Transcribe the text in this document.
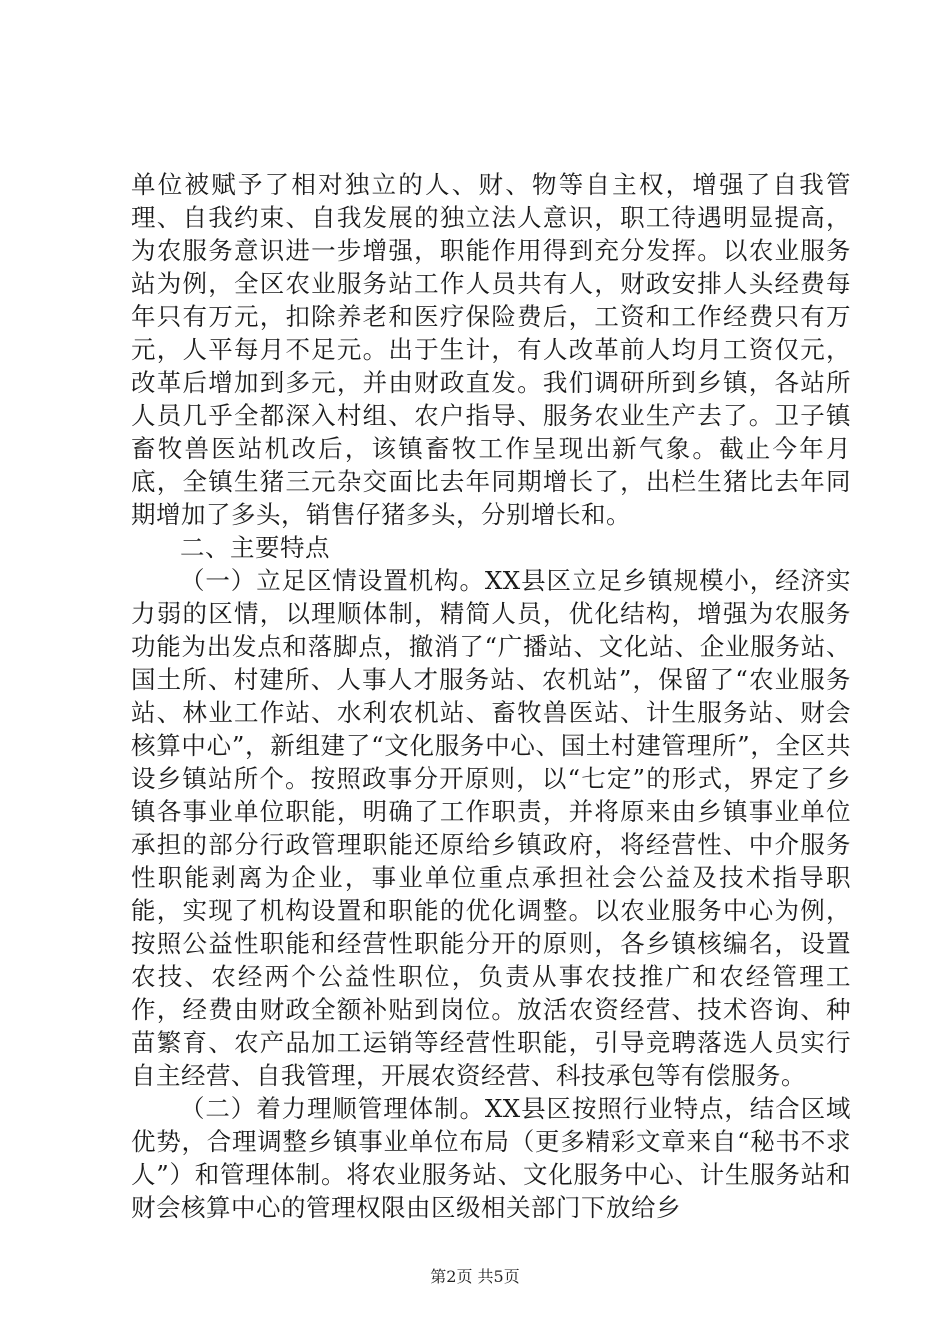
单位被赋予了相对独立的人、财、物等自主权，增强了自我管理、自我约束、自我发展的独立法人意识，职工待遇明显提高，为农服务意识进一步增强，职能作用得到充分发挥。以农业服务站为例，全区农业服务站工作人员共有人，财政安排人头经费每年只有万元，扣除养老和医疗保险费后，工资和工作经费只有万元，人平每月不足元。出于生计，有人改革前人均月工资仅元，改革后增加到多元，并由财政直发。我们调研所到乡镇，各站所人员几乎全都深入村组、农户指导、服务农业生产去了。卫子镇畜牧兽医站机改后，该镇畜牧工作呈现出新气象。截止今年月底，全镇生猪三元杂交面比去年同期增长了，出栏生猪比去年同期增加了多头，销售仔猪多头，分别增长和。

二、主要特点

（一）立足区情设置机构。XX县区立足乡镇规模小，经济实力弱的区情，以理顺体制，精简人员，优化结构，增强为农服务功能为出发点和落脚点，撤消了“广播站、文化站、企业服务站、国土所、村建所、人事人才服务站、农机站”，保留了“农业服务站、林业工作站、水利农机站、畜牧兽医站、计生服务站、财会核算中心”，新组建了“文化服务中心、国土村建管理所”，全区共设乡镇站所个。按照政事分开原则，以“七定”的形式，界定了乡镇各事业单位职能，明确了工作职责，并将原来由乡镇事业单位承担的部分行政管理职能还原给乡镇政府，将经营性、中介服务性职能剥离为企业，事业单位重点承担社会公益及技术指导职能，实现了机构设置和职能的优化调整。以农业服务中心为例，按照公益性职能和经营性职能分开的原则，各乡镇核编名，设置农技、农经两个公益性职位，负责从事农技推广和农经管理工作，经费由财政全额补贴到岗位。放活农资经营、技术咨询、种苗繁育、农产品加工运销等经营性职能，引导竞聘落选人员实行自主经营、自我管理，开展农资经营、科技承包等有偿服务。

（二）着力理顺管理体制。XX县区按照行业特点，结合区域优势，合理调整乡镇事业单位布局（更多精彩文章来自“秘书不求人”）和管理体制。将农业服务站、文化服务中心、计生服务站和财会核算中心的管理权限由区级相关部门下放给乡

第2页 共5页
